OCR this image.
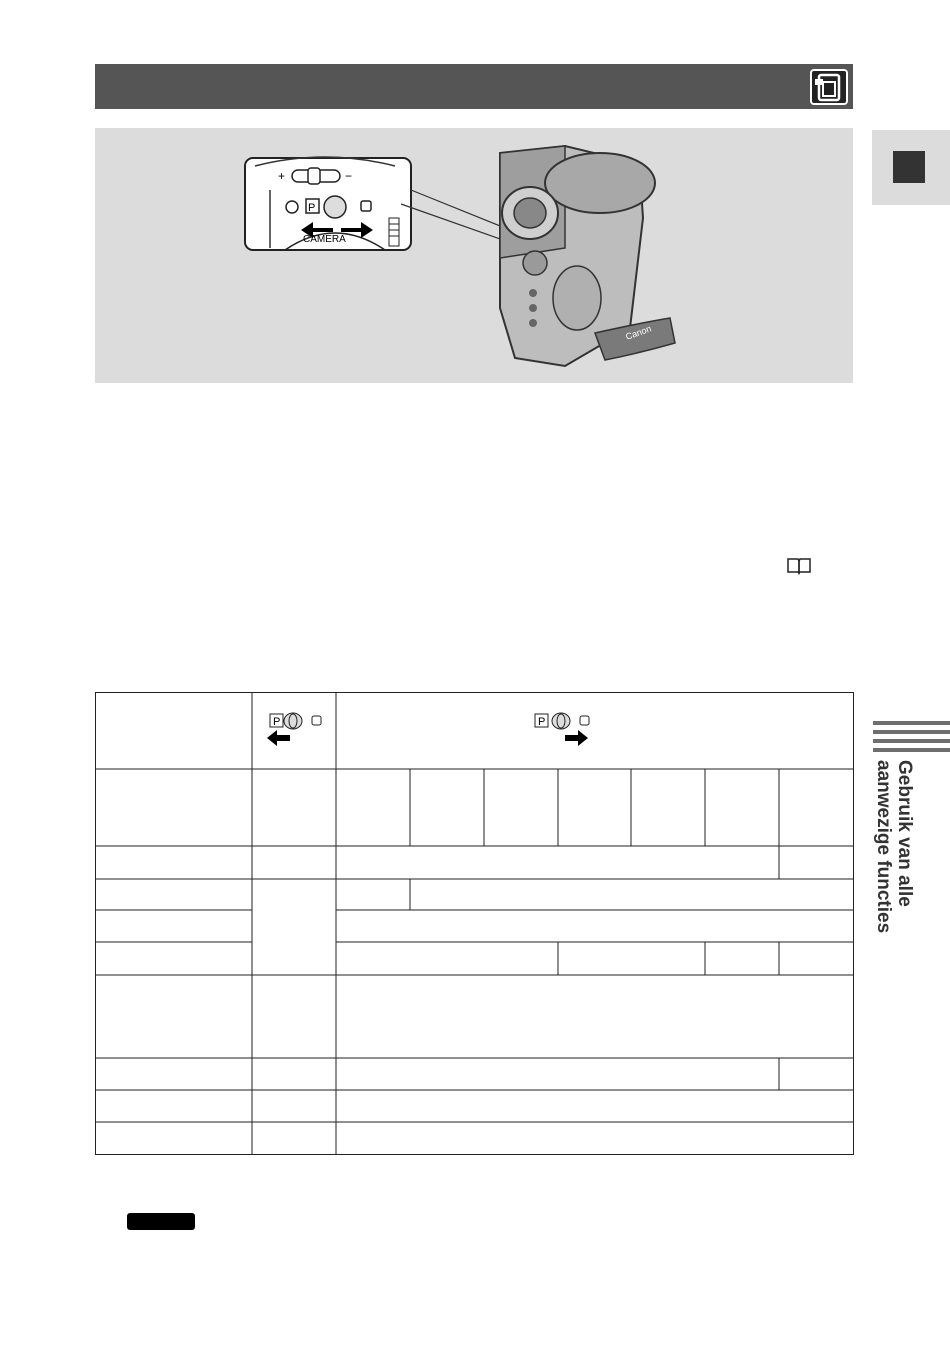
+	−
P
CAMERA
Canon
Gebruik van alle
aanwezige functies
P	P
